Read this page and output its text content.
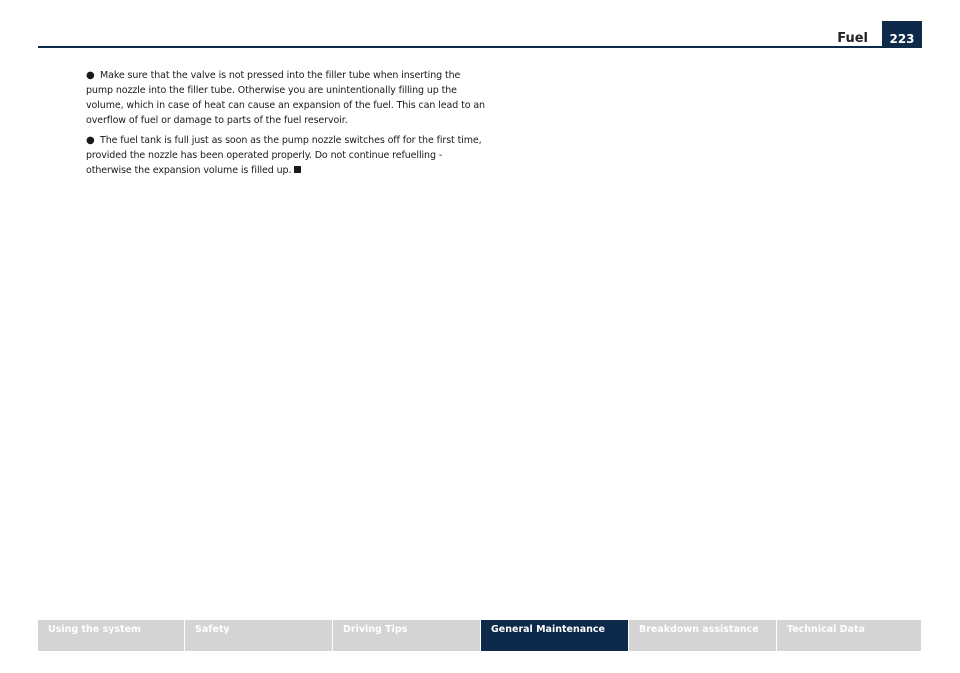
Fuel	223

● Make sure that the valve is not pressed into the filler tube when inserting the pump nozzle into the filler tube. Otherwise you are unintentionally filling up the volume, which in case of heat can cause an expansion of the fuel. This can lead to an overflow of fuel or damage to parts of the fuel reservoir.

● The fuel tank is full just as soon as the pump nozzle switches off for the first time, provided the nozzle has been operated properly. Do not continue refuelling - otherwise the expansion volume is filled up.

Using the system	Safety	Driving Tips	General Maintenance	Breakdown assistance	Technical Data
